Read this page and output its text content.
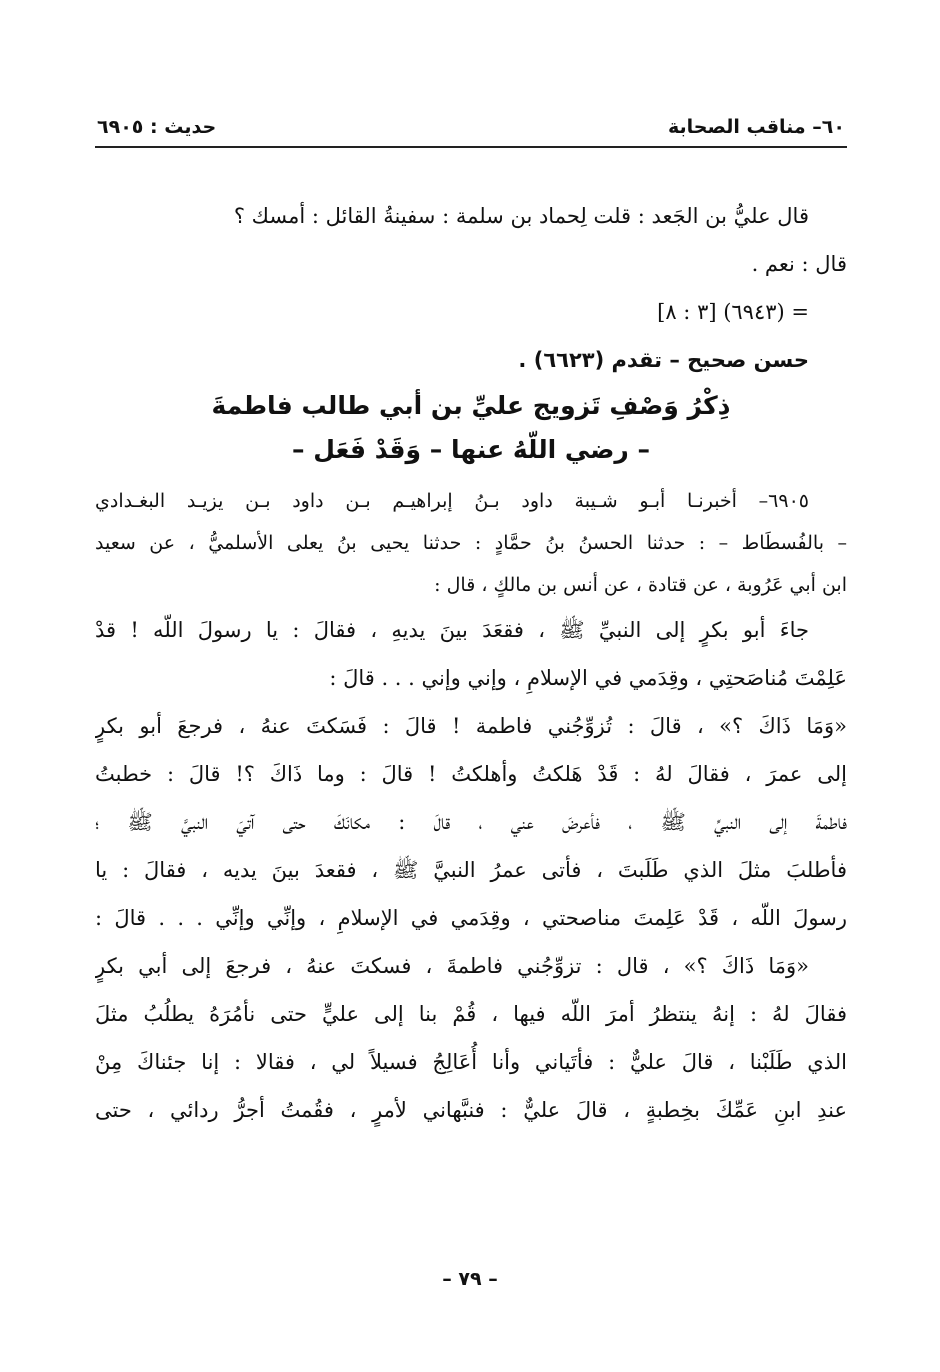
٦٠– مناقب الصحابة
حديث : ٦٩٠٥
قال عليُّ بن الجَعد : قلت لِحماد بن سلمة : سفينةُ القائل : أمسك ؟
قال : نعم .
= (٦٩٤٣) [٣ : ٨]
حسن صحيح – تقدم (٦٦٢٣) .
ذِكْرُ وَصْفِ تَزويج عليِّ بن أبي طالب فاطمةَ
– رضي اللّهُ عنها – وَقَدْ فَعَل –
٦٩٠٥– أخبرنـا أبـو شـيبة داود بـنُ إبراهيـم بـن داود بـن يزيـد البغـدادي
– بالفُسطَاط – : حدثنا الحسنُ بنُ حمَّادٍ : حدثنا يحيى بنُ يعلى الأسلميُّ ، عن سعيد
ابن أبي عَرُوبة ، عن قتادة ، عن أنس بن مالكٍ ، قال :
جاءَ أبو بكرٍ إلى النبيِّ ﷺ ، فقعَدَ بينَ يديهِ ، فقالَ : يا رسولَ اللّه ! قدْ
عَلِمْتَ مُناصَحتِي ، وقِدَمي في الإسلامِ ، وإني وإني . . . قالَ :
«وَمَا ذَاكَ ؟» ، قالَ : تُزوِّجُني فاطمة ! قالَ : فَسَكتَ عنهُ ، فرجعَ أبو بكرٍ
إلى عمرَ ، فقالَ لهُ : قَدْ هَلكتُ وأهلكتُ ! قالَ : وما ذَاكَ ؟! قالَ : خطبتُ
فاطمةَ إلى النبيِّ ﷺ ، فأعرضَ عني ، قالَ : مكانَكَ حتى آتيَ النبيَّ ﷺ ؛
فأطلبَ مثلَ الذي طَلَبتَ ، فأتى عمرُ النبيَّ ﷺ ، فقعدَ بينَ يديه ، فقالَ : يا
رسولَ اللّه ، قَدْ عَلِمتَ مناصحتي ، وقِدَمي في الإسلامِ ، وإنِّي وإنِّي . . . قالَ :
«وَمَا ذَاكَ ؟» ، قال : تزوِّجُني فاطمةَ ، فسكتَ عنهُ ، فرجعَ إلى أبي بكرٍ
فقالَ لهُ : إنهُ ينتظرُ أمرَ اللّه فيها ، قُمْ بنا إلى عليٍّ حتى نأمُرَهُ يطلُبُ مثلَ
الذي طَلَبْنا ، قالَ عليٌّ : فأتَياني وأنا أُعَالِجُ فسيلاً لي ، فقالا : إنا جئناكَ مِنْ
عندِ ابنِ عَمِّكَ بخِطبةٍ ، قالَ عليٌّ : فنبَّهاني لأمرٍ ، فقُمتُ أجرُّ ردائي ، حتى
– ٧٩ –
